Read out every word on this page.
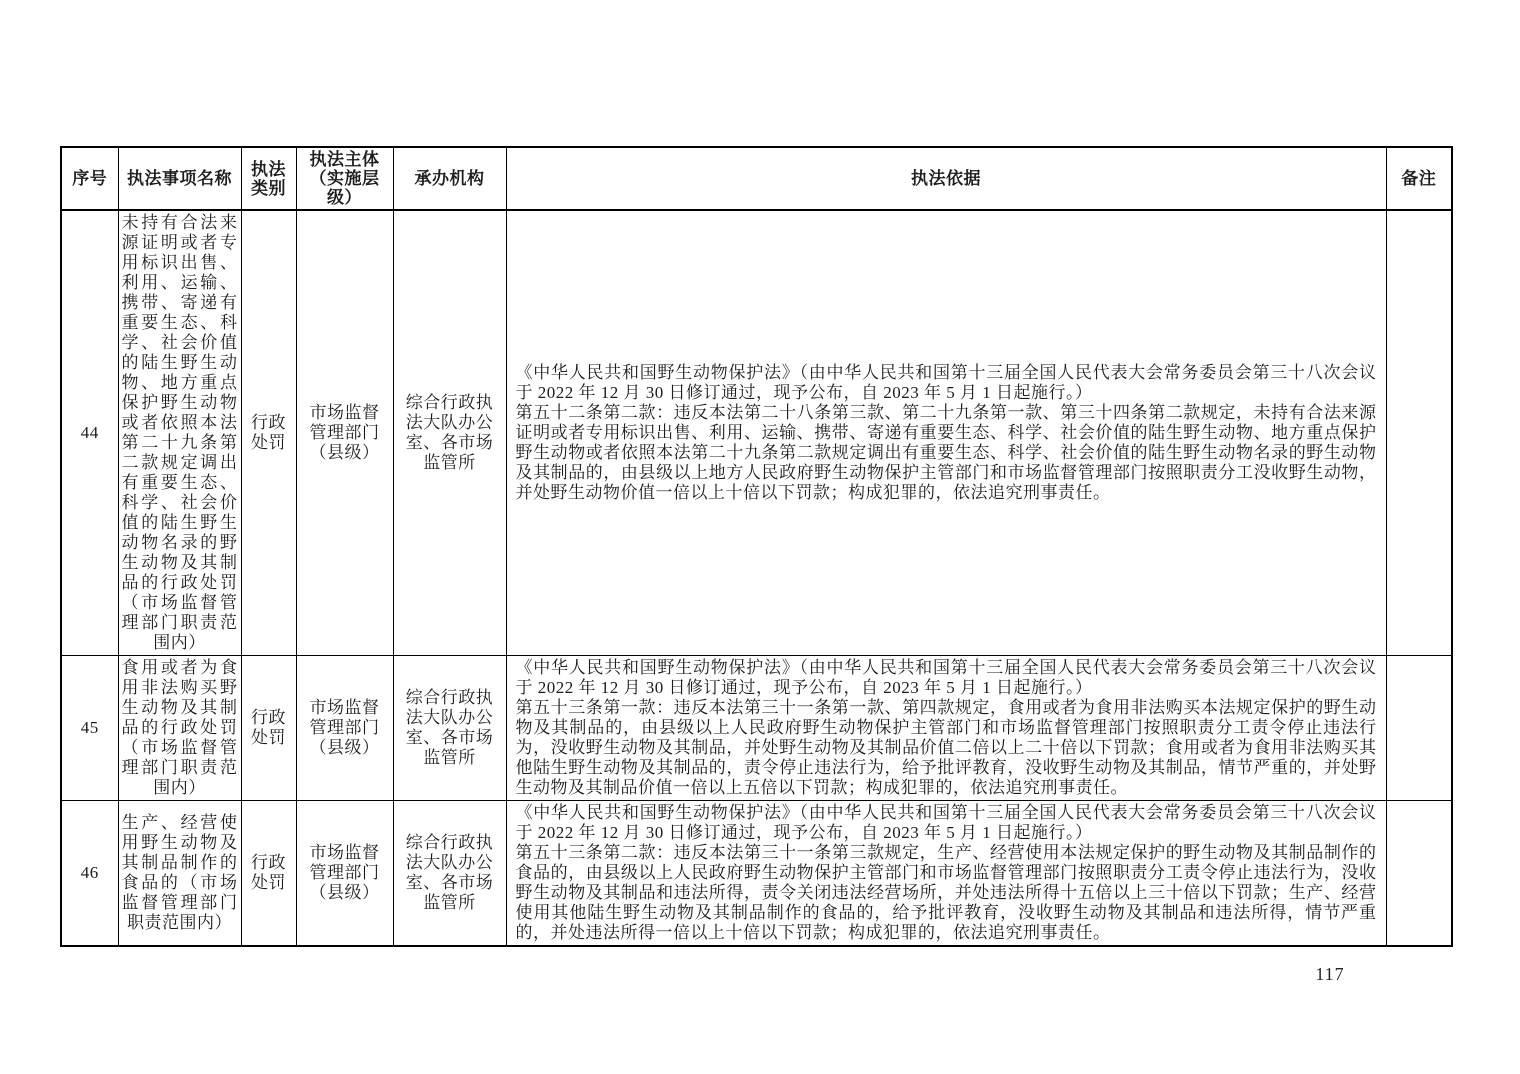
序号	执法事项名称	执法类别	执法主体（实施层级）	承办机构	执法依据	备注
44	未持有合法来源证明或者专用标识出售、利用、运输、携带、寄递有重要生态、科学、社会价值的陆生野生动物、地方重点保护野生动物或者依照本法第二十九条第二款规定调出有重要生态、科学、社会价值的陆生野生动物名录的野生动物及其制品的行政处罚（市场监督管理部门职责范围内）	行政处罚	市场监督管理部门（县级）	综合行政执法大队办公室、各市场监管所	《中华人民共和国野生动物保护法》（由中华人民共和国第十三届全国人民代表大会常务委员会第三十八次会议于 2022 年 12 月 30 日修订通过，现予公布，自 2023 年 5 月 1 日起施行。）

第五十二条第二款：违反本法第二十八条第三款、第二十九条第一款、第三十四条第二款规定，未持有合法来源证明或者专用标识出售、利用、运输、携带、寄递有重要生态、科学、社会价值的陆生野生动物、地方重点保护野生动物或者依照本法第二十九条第二款规定调出有重要生态、科学、社会价值的陆生野生动物名录的野生动物及其制品的，由县级以上地方人民政府野生动物保护主管部门和市场监督管理部门按照职责分工没收野生动物，并处野生动物价值一倍以上十倍以下罚款；构成犯罪的，依法追究刑事责任。	

45	食用或者为食用非法购买野生动物及其制品的行政处罚（市场监督管理部门职责范围内）	行政处罚	市场监督管理部门（县级）	综合行政执法大队办公室、各市场监管所	《中华人民共和国野生动物保护法》（由中华人民共和国第十三届全国人民代表大会常务委员会第三十八次会议于 2022 年 12 月 30 日修订通过，现予公布，自 2023 年 5 月 1 日起施行。）

第五十三条第一款：违反本法第三十一条第一款、第四款规定，食用或者为食用非法购买本法规定保护的野生动物及其制品的，由县级以上人民政府野生动物保护主管部门和市场监督管理部门按照职责分工责令停止违法行为，没收野生动物及其制品，并处野生动物及其制品价值二倍以上二十倍以下罚款；食用或者为食用非法购买其他陆生野生动物及其制品的，责令停止违法行为，给予批评教育，没收野生动物及其制品，情节严重的，并处野生动物及其制品价值一倍以上五倍以下罚款；构成犯罪的，依法追究刑事责任。	

46	生产、经营使用野生动物及其制品制作的食品的（市场监督管理部门职责范围内）	行政处罚	市场监督管理部门（县级）	综合行政执法大队办公室、各市场监管所	《中华人民共和国野生动物保护法》（由中华人民共和国第十三届全国人民代表大会常务委员会第三十八次会议于 2022 年 12 月 30 日修订通过，现予公布，自 2023 年 5 月 1 日起施行。）

第五十三条第二款：违反本法第三十一条第三款规定，生产、经营使用本法规定保护的野生动物及其制品制作的食品的，由县级以上人民政府野生动物保护主管部门和市场监督管理部门按照职责分工责令停止违法行为，没收野生动物及其制品和违法所得，责令关闭违法经营场所，并处违法所得十五倍以上三十倍以下罚款；生产、经营使用其他陆生野生动物及其制品制作的食品的，给予批评教育，没收野生动物及其制品和违法所得，情节严重的，并处违法所得一倍以上十倍以下罚款；构成犯罪的，依法追究刑事责任。	

117
